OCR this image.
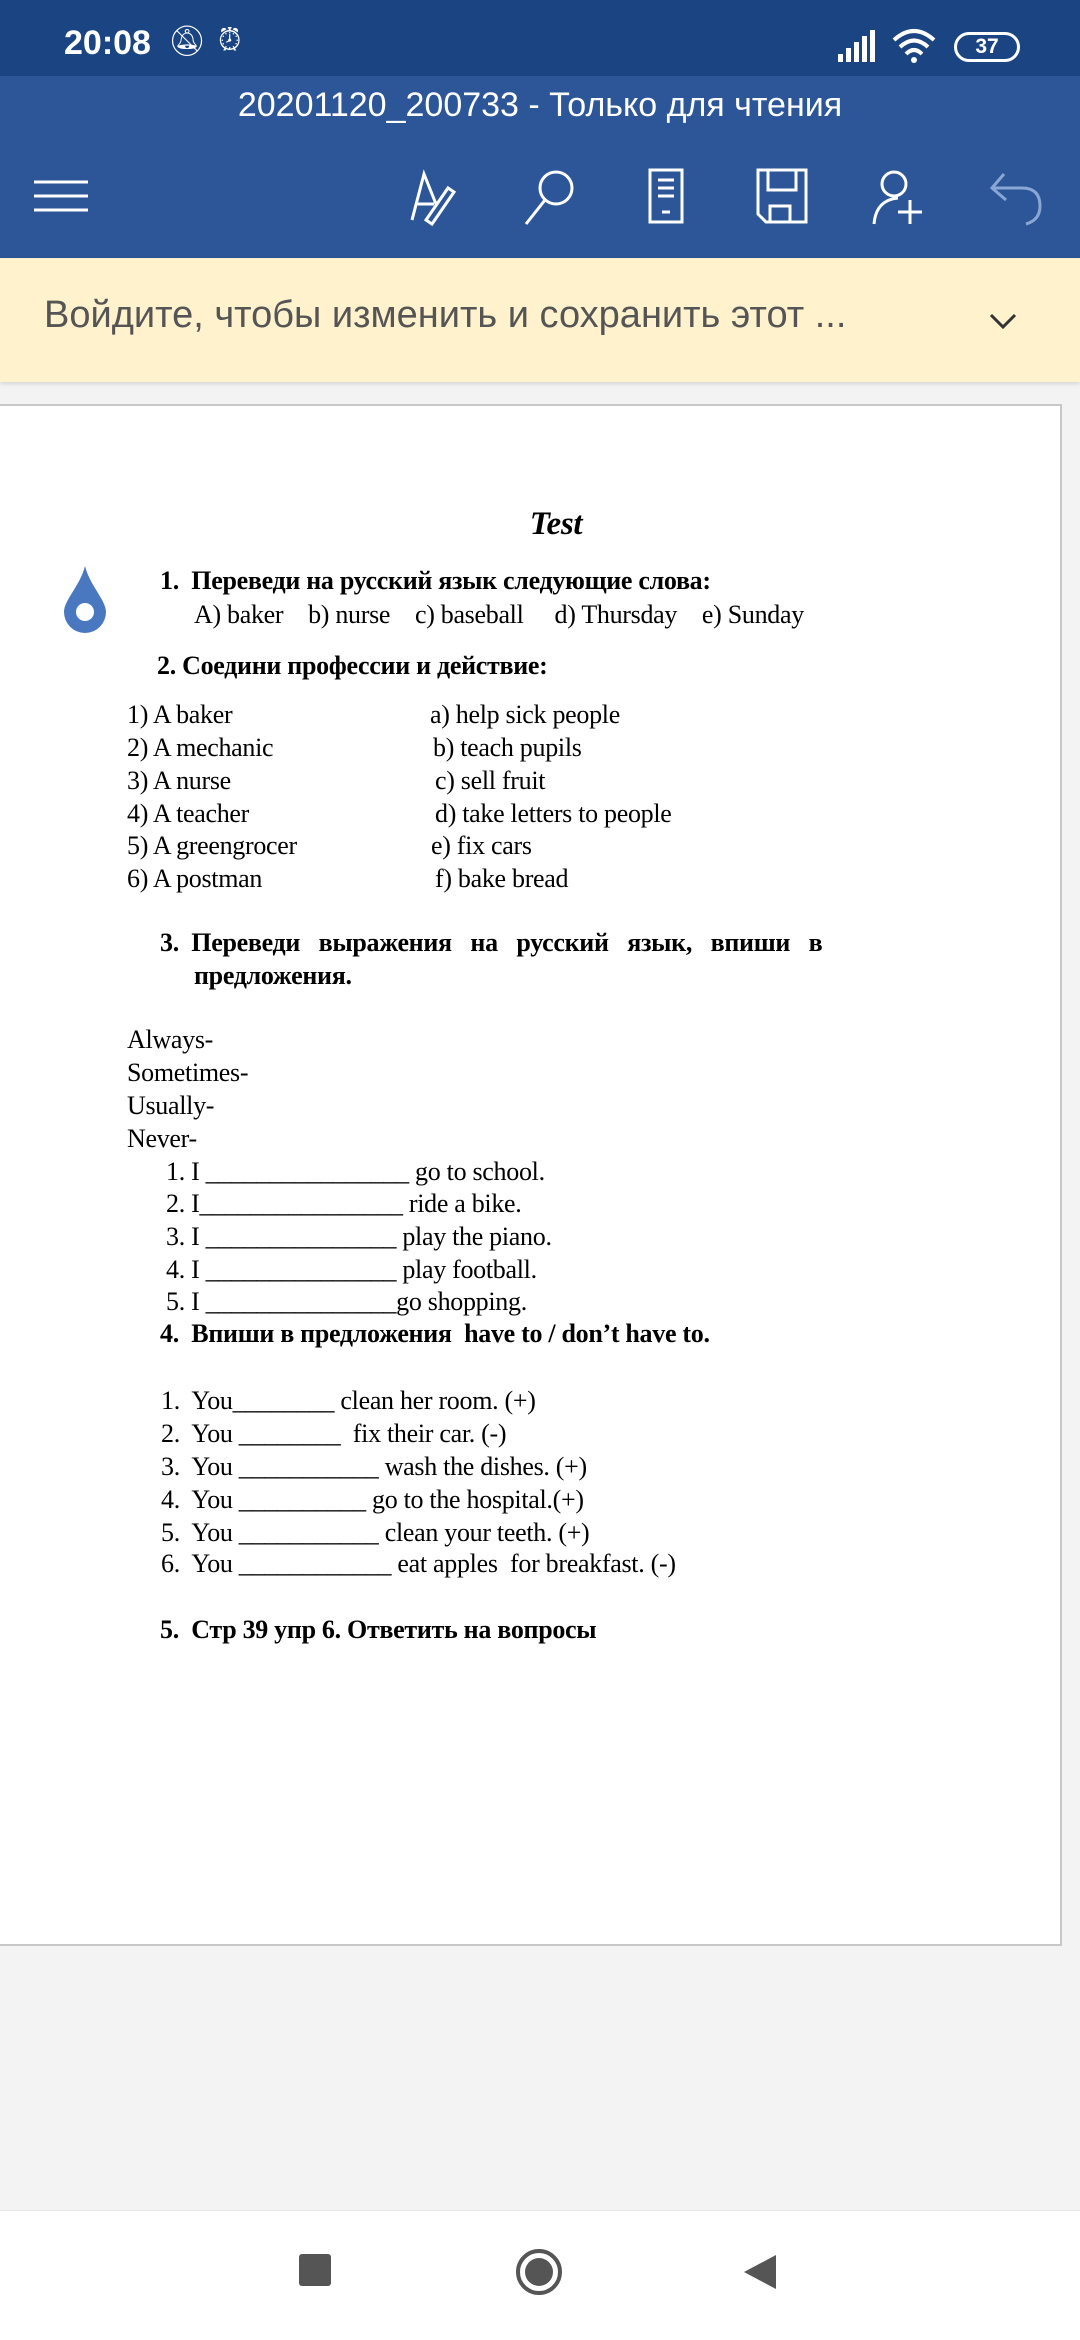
20:08 🔕︎ ⏰︎	37
20201120_200733 - Только для чтения
Войдите, чтобы изменить и сохранить этот ...
Test
1.  Переведи на русский язык следующие слова:
A) baker    b) nurse    c) baseball     d) Thursday    e) Sunday
2. Соедини профессии и действие:
1) A baker
2) A mechanic
3) A nurse
4) A teacher
5) A greengrocer
6) A postman
a) help sick people
b) teach pupils
c) sell fruit
d) take letters to people
e) fix cars
f) bake bread
3.  Переведи   выражения   на   русский   язык,   впиши   в
предложения.
Always-
Sometimes-
Usually-
Never-
1. I ________________ go to school.
2. I________________ ride a bike.
3. I _______________ play the piano.
4. I _______________ play football.
5. I _______________go shopping.
4.  Впиши в предложения  have to / don’t have to.
1.  You________ clean her room. (+)
2.  You ________  fix their car. (-)
3.  You ___________ wash the dishes. (+)
4.  You __________ go to the hospital.(+)
5.  You ___________ clean your teeth. (+)
6.  You ____________ eat apples  for breakfast. (-)
5.  Стр 39 упр 6. Ответить на вопросы
